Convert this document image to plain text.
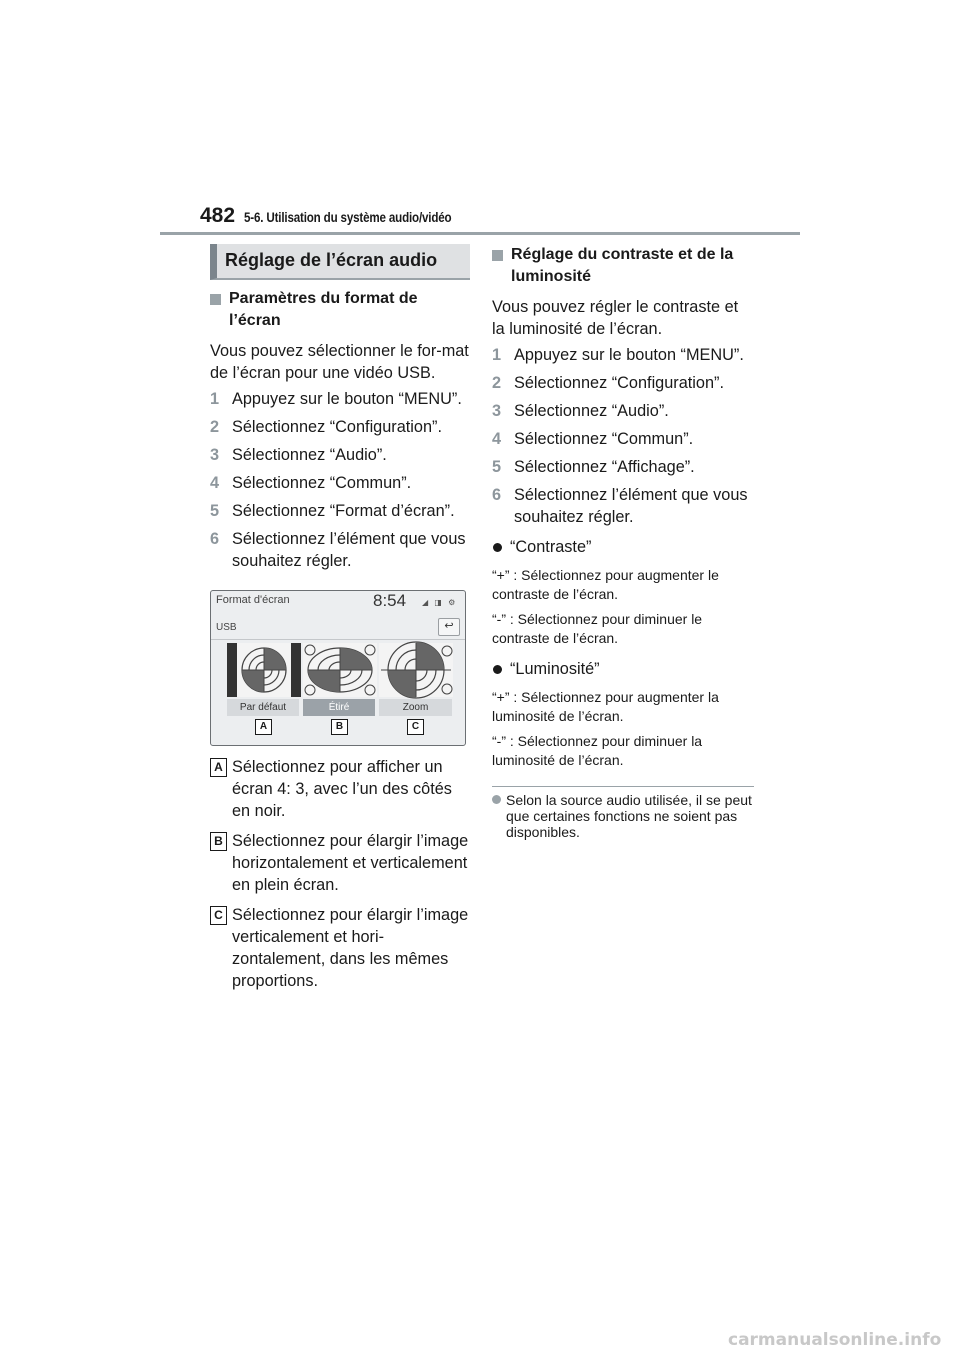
482 5-6. Utilisation du système audio/vidéo
Réglage de l’écran audio
Paramètres du format de l’écran
Vous pouvez sélectionner le for-mat de l’écran pour une vidéo USB.
1 Appuyez sur le bouton “MENU”.
2 Sélectionnez “Configuration”.
3 Sélectionnez “Audio”.
4 Sélectionnez “Commun”.
5 Sélectionnez “Format d’écran”.
6 Sélectionnez l’élément que vous souhaitez régler.
Format d'écran	8:54 ◢ ◨ ⚙
USB	↩
Par défaut	Étiré	Zoom
A	B	C
A Sélectionnez pour afficher un écran 4: 3, avec l’un des côtés en noir.
B Sélectionnez pour élargir l’image horizontalement et verticalement en plein écran.
C Sélectionnez pour élargir l’image verticalement et hori-zontalement, dans les mêmes proportions.
Réglage du contraste et de la luminosité
Vous pouvez régler le contraste et la luminosité de l’écran.
1 Appuyez sur le bouton “MENU”.
2 Sélectionnez “Configuration”.
3 Sélectionnez “Audio”.
4 Sélectionnez “Commun”.
5 Sélectionnez “Affichage”.
6 Sélectionnez l’élément que vous souhaitez régler.
“Contraste”
“+” : Sélectionnez pour augmenter le contraste de l’écran.
“-” : Sélectionnez pour diminuer le contraste de l’écran.
“Luminosité”
“+” : Sélectionnez pour augmenter la luminosité de l’écran.
“-” : Sélectionnez pour diminuer la luminosité de l’écran.
Selon la source audio utilisée, il se peut que certaines fonctions ne soient pas disponibles.
carmanualsonline.info
